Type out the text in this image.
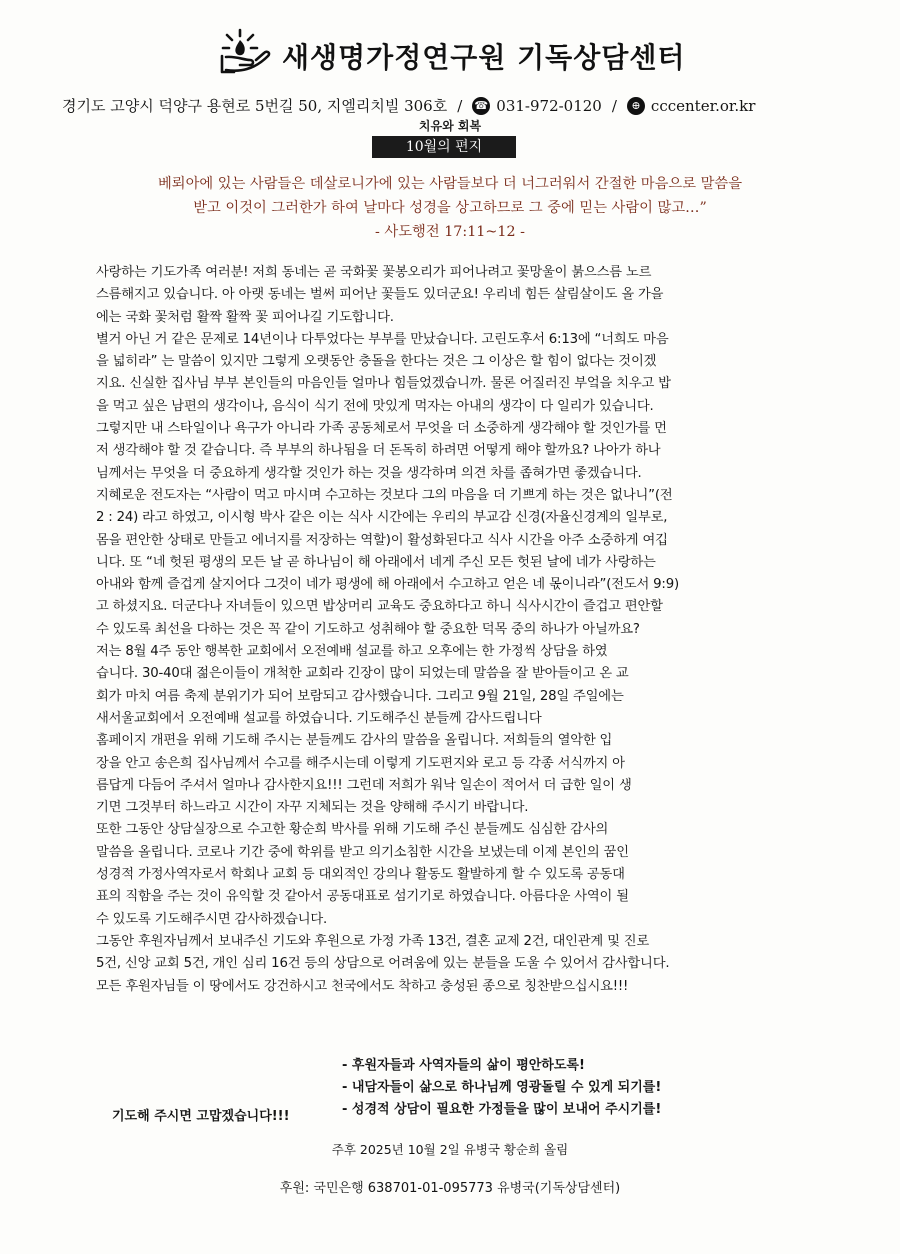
새생명가정연구원 기독상담센터
경기도 고양시 덕양구 용현로 5번길 50, 지엘리치빌 306호 / ☎ 031-972-0120 /	⊕ cccenter.or.kr
치유와 회복
10월의 편지
베뢰아에 있는 사람들은 데살로니가에 있는 사람들보다 더 너그러워서 간절한 마음으로 말씀을
받고 이것이 그러한가 하여 날마다 성경을 상고하므로 그 중에 믿는 사람이 많고…”
- 사도행전 17:11~12 -
사랑하는 기도가족 여러분! 저희 동네는 곧 국화꽃 꽃봉오리가 피어나려고 꽃망울이 붉으스름 노르
스름해지고 있습니다. 아 아랫 동네는 벌써 피어난 꽃들도 있더군요! 우리네 힘든 살림살이도 올 가을
에는 국화 꽃처럼 활짝 활짝 꽃 피어나길 기도합니다.
별거 아닌 거 같은 문제로 14년이나 다투었다는 부부를 만났습니다. 고린도후서 6:13에 “너희도 마음
을 넓히라” 는 말씀이 있지만 그렇게 오랫동안 충돌을 한다는 것은 그 이상은 할 힘이 없다는 것이겠
지요. 신실한 집사님 부부 본인들의 마음인들 얼마나 힘들었겠습니까. 물론 어질러진 부엌을 치우고 밥
을 먹고 싶은 남편의 생각이나, 음식이 식기 전에 맛있게 먹자는 아내의 생각이 다 일리가 있습니다.
그렇지만 내 스타일이나 욕구가 아니라 가족 공동체로서 무엇을 더 소중하게 생각해야 할 것인가를 먼
저 생각해야 할 것 같습니다. 즉 부부의 하나됨을 더 돈독히 하려면 어떻게 해야 할까요? 나아가 하나
님께서는 무엇을 더 중요하게 생각할 것인가 하는 것을 생각하며 의견 차를 좁혀가면 좋겠습니다.
지혜로운 전도자는 “사람이 먹고 마시며 수고하는 것보다 그의 마음을 더 기쁘게 하는 것은 없나니”(전
2 : 24) 라고 하였고, 이시형 박사 같은 이는 식사 시간에는 우리의 부교감 신경(자율신경계의 일부로,
몸을 편안한 상태로 만들고 에너지를 저장하는 역할)이 활성화된다고 식사 시간을 아주 소중하게 여깁
니다. 또 “네 헛된 평생의 모든 날 곧 하나님이 해 아래에서 네게 주신 모든 헛된 날에 네가 사랑하는
아내와 함께 즐겁게 살지어다 그것이 네가 평생에 해 아래에서 수고하고 얻은 네 몫이니라”(전도서 9:9)
고 하셨지요. 더군다나 자녀들이 있으면 밥상머리 교육도 중요하다고 하니 식사시간이 즐겁고 편안할
수 있도록 최선을 다하는 것은 꼭 같이 기도하고 성취해야 할 중요한 덕목 중의 하나가 아닐까요?
저는 8월 4주 동안 행복한 교회에서 오전예배 설교를 하고 오후에는 한 가정씩 상담을 하였
습니다. 30-40대 젊은이들이 개척한 교회라 긴장이 많이 되었는데 말씀을 잘 받아들이고 온 교
회가 마치 여름 축제 분위기가 되어 보람되고 감사했습니다. 그리고 9월 21일, 28일 주일에는
새서울교회에서 오전예배 설교를 하였습니다. 기도해주신 분들께 감사드립니다
홈페이지 개편을 위해 기도해 주시는 분들께도 감사의 말씀을 올립니다. 저희들의 열악한 입
장을 안고 송은희 집사님께서 수고를 해주시는데 이렇게 기도편지와 로고 등 각종 서식까지 아
름답게 다듬어 주셔서 얼마나 감사한지요!!! 그런데 저희가 워낙 일손이 적어서 더 급한 일이 생
기면 그것부터 하느라고 시간이 자꾸 지체되는 것을 양해해 주시기 바랍니다.
또한 그동안 상담실장으로 수고한 황순희 박사를 위해 기도해 주신 분들께도 심심한 감사의
말씀을 올립니다. 코로나 기간 중에 학위를 받고 의기소침한 시간을 보냈는데 이제 본인의 꿈인
성경적 가정사역자로서 학회나 교회 등 대외적인 강의나 활동도 활발하게 할 수 있도록 공동대
표의 직함을 주는 것이 유익할 것 같아서 공동대표로 섬기기로 하였습니다. 아름다운 사역이 될
수 있도록 기도해주시면 감사하겠습니다.
그동안 후원자님께서 보내주신 기도와 후원으로 가정 가족 13건, 결혼 교제 2건, 대인관계 및 진로
5건, 신앙 교회 5건, 개인 심리 16건 등의 상담으로 어려움에 있는 분들을 도울 수 있어서 감사합니다.
모든 후원자님들 이 땅에서도 강건하시고 천국에서도 착하고 충성된 종으로 칭찬받으십시요!!!
기도해 주시면 고맙겠습니다!!!
- 후원자들과 사역자들의 삶이 평안하도록!
- 내담자들이 삶으로 하나님께 영광돌릴 수 있게 되기를!
- 성경적 상담이 필요한 가정들을 많이 보내어 주시기를!
주후 2025년 10월 2일 유병국 황순희 올림
후원: 국민은행 638701-01-095773 유병국(기독상담센터)
